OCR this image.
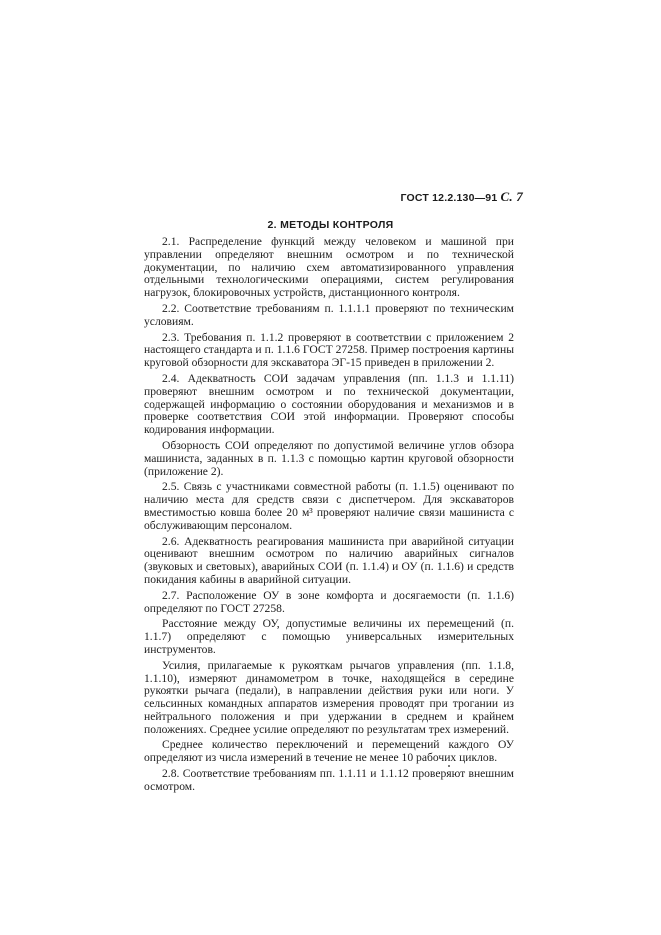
ГОСТ 12.2.130—91 С. 7
2. МЕТОДЫ КОНТРОЛЯ

2.1. Распределение функций между человеком и машиной при управлении определяют внешним осмотром и по технической документации, по наличию схем автоматизированного управления отдельными технологическими операциями, систем регулирования нагрузок, блокировочных устройств, дистанционного контроля.

2.2. Соответствие требованиям п. 1.1.1.1 проверяют по техническим условиям.

2.3. Требования п. 1.1.2 проверяют в соответствии с приложением 2 настоящего стандарта и п. 1.1.6 ГОСТ 27258. Пример построения картины круговой обзорности для экскаватора ЭГ-15 приведен в приложении 2.

2.4. Адекватность СОИ задачам управления (пп. 1.1.3 и 1.1.11) проверяют внешним осмотром и по технической документации, содержащей информацию о состоянии оборудования и механизмов и в проверке соответствия СОИ этой информации. Проверяют способы кодирования информации.

Обзорность СОИ определяют по допустимой величине углов обзора машиниста, заданных в п. 1.1.3 с помощью картин круговой обзорности (приложение 2).

2.5. Связь с участниками совместной работы (п. 1.1.5) оценивают по наличию места для средств связи с диспетчером. Для экскаваторов вместимостью ковша более 20 м³ проверяют наличие связи машиниста с обслуживающим персоналом.

2.6. Адекватность реагирования машиниста при аварийной ситуации оценивают внешним осмотром по наличию аварийных сигналов (звуковых и световых), аварийных СОИ (п. 1.1.4) и ОУ (п. 1.1.6) и средств покидания кабины в аварийной ситуации.

2.7. Расположение ОУ в зоне комфорта и досягаемости (п. 1.1.6) определяют по ГОСТ 27258.

Расстояние между ОУ, допустимые величины их перемещений (п. 1.1.7) определяют с помощью универсальных измерительных инструментов.

Усилия, прилагаемые к рукояткам рычагов управления (пп. 1.1.8, 1.1.10), измеряют динамометром в точке, находящейся в середине рукоятки рычага (педали), в направлении действия руки или ноги. У сельсинных командных аппаратов измерения проводят при трогании из нейтрального положения и при удержании в среднем и крайнем положениях. Среднее усилие определяют по результатам трех измерений.

Среднее количество переключений и перемещений каждого ОУ определяют из числа измерений в течение не менее 10 рабочих циклов.

2.8. Соответствие требованиям пп. 1.1.11 и 1.1.12 проверяют внешним осмотром.
